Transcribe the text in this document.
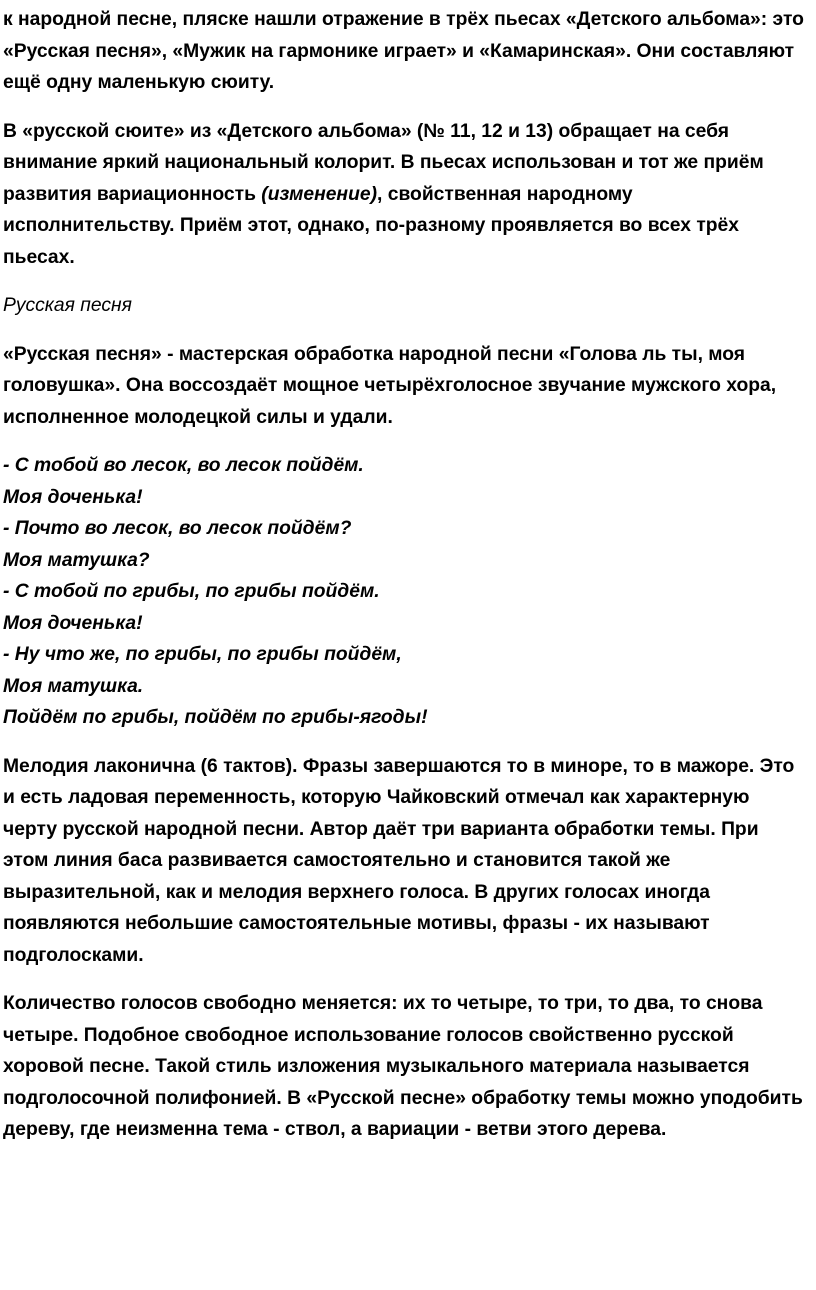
к народной песне, пляске нашли отражение в трёх пьесах «Детского альбома»: это «Русская песня», «Мужик на гармонике играет» и «Камаринская». Они составляют ещё одну маленькую сюиту.

В «русской сюите» из «Детского альбома» (№ 11, 12 и 13) обращает на себя внимание яркий национальный колорит. В пьесах использован и тот же приём развития вариационность (изменение), свойственная народному исполнительству. Приём этот, однако, по-разному проявляется во всех трёх пьесах.

Русская песня

«Русская песня» - мастерская обработка народной песни «Голова ль ты, моя головушка». Она воссоздаёт мощное четырёхголосное звучание мужского хора, исполненное молодецкой силы и удали.

- С тобой во лесок, во лесок пойдём.
Моя доченька!
- Почто во лесок, во лесок пойдём?
Моя матушка?
- С тобой по грибы, по грибы пойдём.
Моя доченька!
- Ну что же, по грибы, по грибы пойдём,
Моя матушка.
Пойдём по грибы, пойдём по грибы-ягоды!

Мелодия лаконична (6 тактов). Фразы завершаются то в миноре, то в мажоре. Это и есть ладовая переменность, которую Чайковский отмечал как характерную черту русской народной песни. Автор даёт три варианта обработки темы. При этом линия баса развивается самостоятельно и становится такой же выразительной, как и мелодия верхнего голоса. В других голосах иногда появляются небольшие самостоятельные мотивы, фразы - их называют подголосками.

Количество голосов свободно меняется: их то четыре, то три, то два, то снова четыре. Подобное свободное использование голосов свойственно русской хоровой песне. Такой стиль изложения музыкального материала называется подголосочной полифонией. В «Русской песне» обработку темы можно уподобить дереву, где неизменна тема - ствол, а вариации - ветви этого дерева.
